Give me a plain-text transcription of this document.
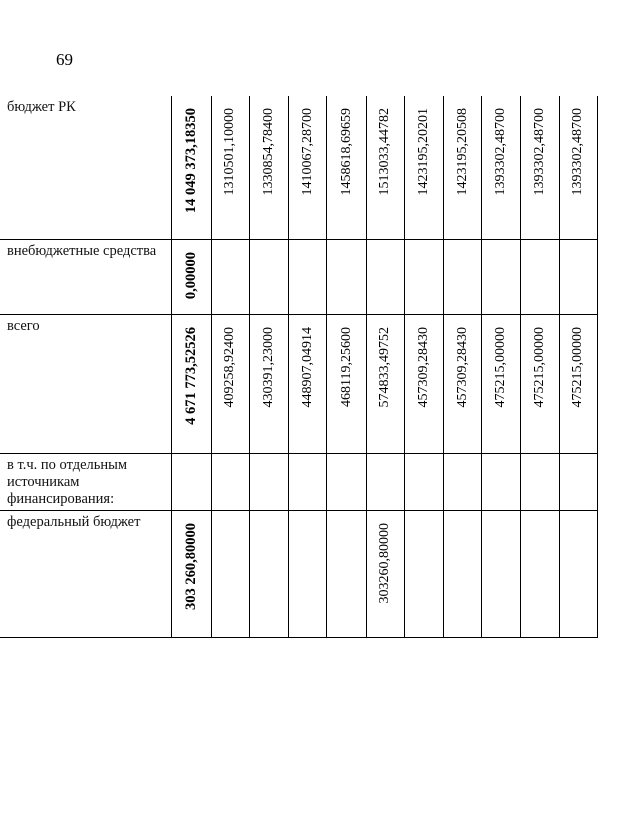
69
бюджет РК	14 049 373,18350	1310501,10000	1330854,78400	1410067,28700	1458618,69659	1513033,44782	1423195,20201	1423195,20508	1393302,48700	1393302,48700	1393302,48700

внебюджетные средства	0,00000										

всего	4 671 773,52526	409258,92400	430391,23000	448907,04914	468119,25600	574833,49752	457309,28430	457309,28430	475215,00000	475215,00000	475215,00000

в т.ч. по отдельным источникам финансирования:											

федеральный бюджет	303 260,80000					303260,80000					
